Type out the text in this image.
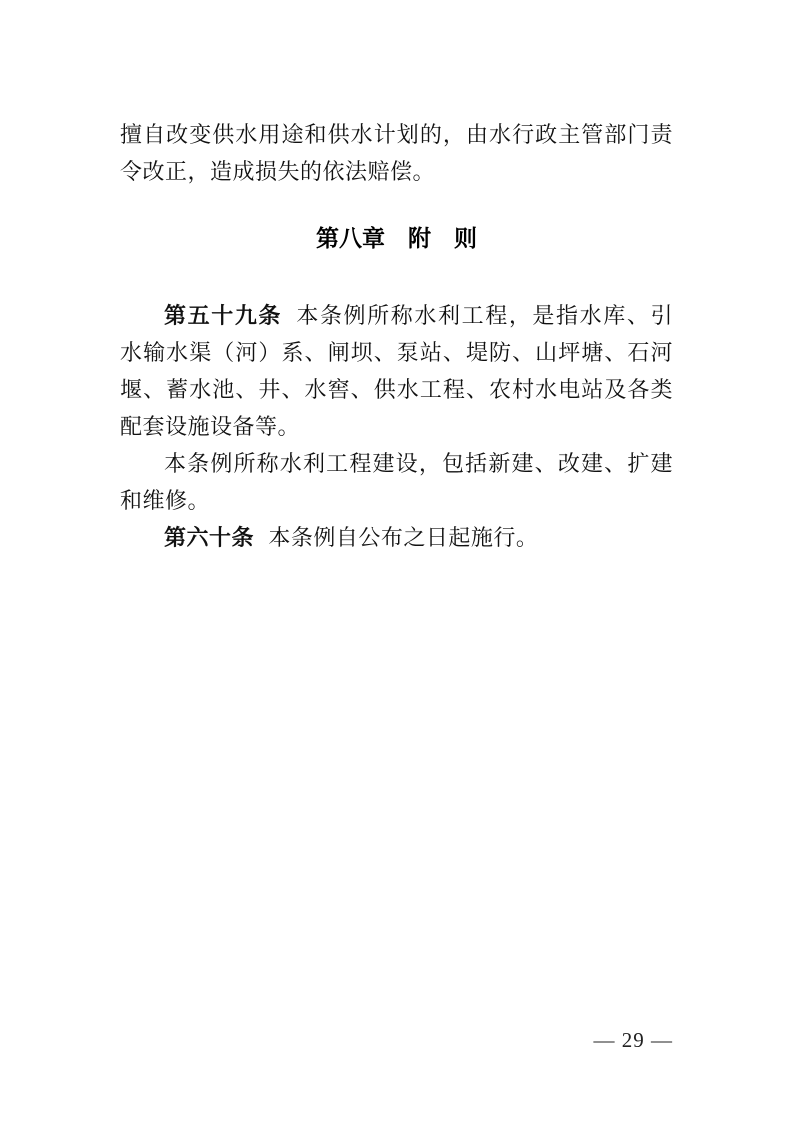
擅自改变供水用途和供水计划的，由水行政主管部门责令改正，造成损失的依法赔偿。

第八章　附　则

第五十九条 本条例所称水利工程，是指水库、引水输水渠（河）系、闸坝、泵站、堤防、山坪塘、石河堰、蓄水池、井、水窖、供水工程、农村水电站及各类配套设施设备等。

本条例所称水利工程建设，包括新建、改建、扩建和维修。

第六十条 本条例自公布之日起施行。

— 29 —
